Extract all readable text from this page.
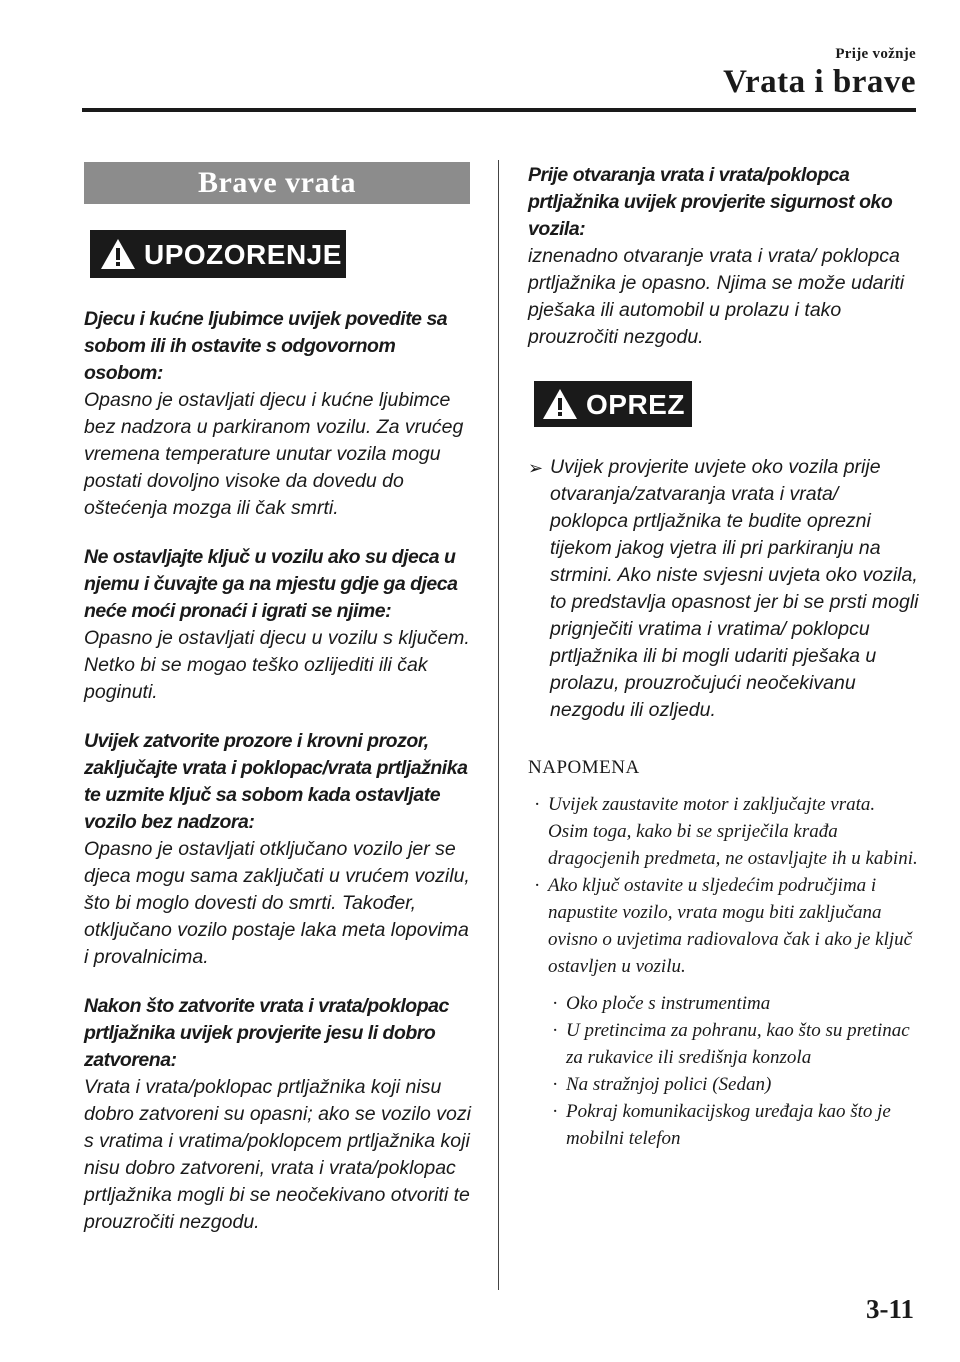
Prije vožnje
Vrata i brave
Brave vrata
UPOZORENJE
Djecu i kućne ljubimce uvijek povedite sa sobom ili ih ostavite s odgovornom osobom:
Opasno je ostavljati djecu i kućne ljubimce bez nadzora u parkiranom vozilu. Za vrućeg vremena temperature unutar vozila mogu postati dovoljno visoke da dovedu do oštećenja mozga ili čak smrti.
Ne ostavljajte ključ u vozilu ako su djeca u njemu i čuvajte ga na mjestu gdje ga djeca neće moći pronaći i igrati se njime:
Opasno je ostavljati djecu u vozilu s ključem. Netko bi se mogao teško ozlijediti ili čak poginuti.
Uvijek zatvorite prozore i krovni prozor, zaključajte vrata i poklopac/vrata prtljažnika te uzmite ključ sa sobom kada ostavljate vozilo bez nadzora:
Opasno je ostavljati otključano vozilo jer se djeca mogu sama zaključati u vrućem vozilu, što bi moglo dovesti do smrti. Također, otključano vozilo postaje laka meta lopovima i provalnicima.
Nakon što zatvorite vrata i vrata/poklopac prtljažnika uvijek provjerite jesu li dobro zatvorena:
Vrata i vrata/poklopac prtljažnika koji nisu dobro zatvoreni su opasni; ako se vozilo vozi s vratima i vratima/poklopcem prtljažnika koji nisu dobro zatvoreni, vrata i vrata/poklopac prtljažnika mogli bi se neočekivano otvoriti te prouzročiti nezgodu.
Prije otvaranja vrata i vrata/poklopca prtljažnika uvijek provjerite sigurnost oko vozila:
iznenadno otvaranje vrata i vrata/ poklopca prtljažnika je opasno. Njima se može udariti pješaka ili automobil u prolazu i tako prouzročiti nezgodu.
OPREZ
➢ Uvijek provjerite uvjete oko vozila prije otvaranja/zatvaranja vrata i vrata/ poklopca prtljažnika te budite oprezni tijekom jakog vjetra ili pri parkiranju na strmini. Ako niste svjesni uvjeta oko vozila, to predstavlja opasnost jer bi se prsti mogli prignječiti vratima i vratima/ poklopcu prtljažnika ili bi mogli udariti pješaka u prolazu, prouzročujući neočekivanu nezgodu ili ozljedu.
NAPOMENA
· Uvijek zaustavite motor i zaključajte vrata. Osim toga, kako bi se spriječila krađa dragocjenih predmeta, ne ostavljajte ih u kabini.
· Ako ključ ostavite u sljedećim područjima i napustite vozilo, vrata mogu biti zaključana ovisno o uvjetima radiovalova čak i ako je ključ ostavljen u vozilu.
· Oko ploče s instrumentima
· U pretincima za pohranu, kao što su pretinac za rukavice ili središnja konzola
· Na stražnjoj polici (Sedan)
· Pokraj komunikacijskog uređaja kao što je mobilni telefon
3-11
